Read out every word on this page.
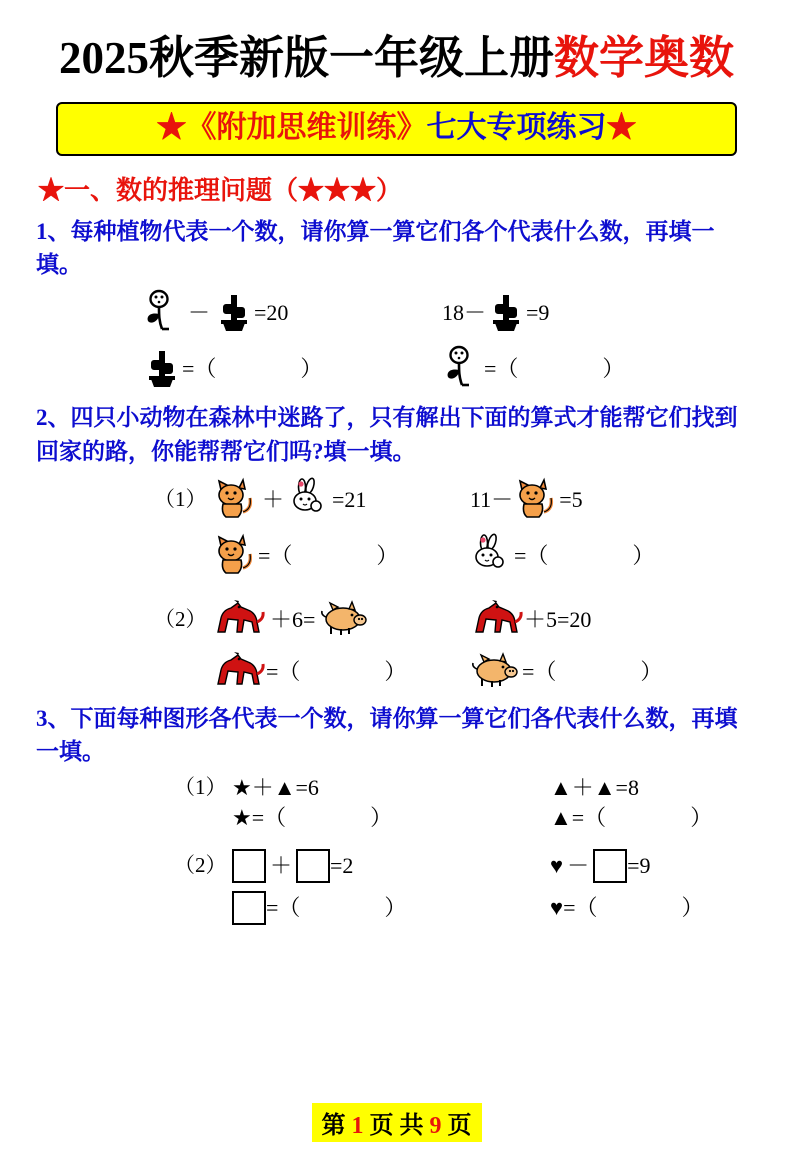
2025秋季新版一年级上册数学奥数
★《附加思维训练》七大专项练习★
★一、数的推理问题（★★★）
1、每种植物代表一个数，请你算一算它们各个代表什么数，再填一填。
－ =20	18－ =9
=（	）	=（	）
2、四只小动物在森林中迷路了，只有解出下面的算式才能帮它们找到回家的路，你能帮帮它们吗?填一填。
（1）	＋ =21	11－ =5
=（	）	=（	）
（2）	＋6=	＋5=20
=（	）	=（	）
3、下面每种图形各代表一个数，请你算一算它们各代表什么数，再填一填。
（1） ★＋▲=6	▲＋▲=8
★=（	）	▲=（	）
（2） ＋ =2	♥ － =9
=（	）	♥ =（	）
第 1 页 共 9 页
